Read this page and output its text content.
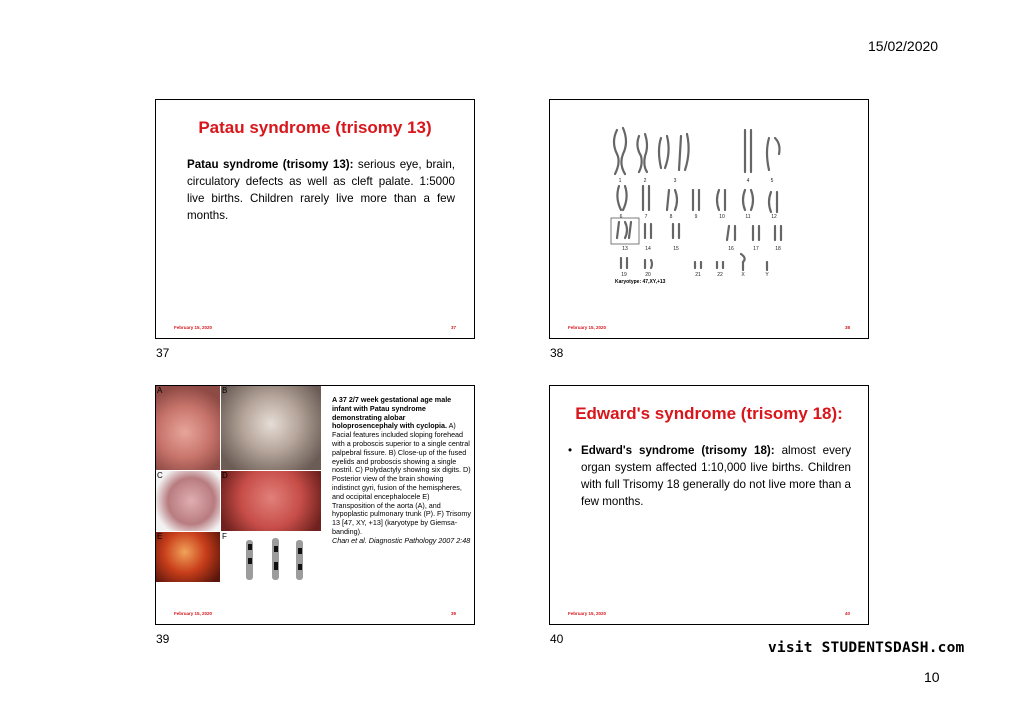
15/02/2020
Patau syndrome (trisomy 13)
Patau syndrome (trisomy 13): serious eye, brain, circulatory defects as well as cleft palate. 1:5000 live births. Children rarely live more than a few months.
February 15, 2020	37
37
1	2	3	4	5
6	7	8	9	10	11	12
13	14	15	16	17	18
19	20	21	22	X	Y
Karyotype: 47,XY,+13
February 15, 2020	38
38
A	B
C	D
E	F
A 37 2/7 week gestational age male infant with Patau syndrome demonstrating alobar holoprosencephaly with cyclopia. A) Facial features included sloping forehead with a proboscis superior to a single central palpebral fissure. B) Close-up of the fused eyelids and proboscis showing a single nostril. C) Polydactyly showing six digits. D) Posterior view of the brain showing indistinct gyri, fusion of the hemispheres, and occipital encephalocele E) Transposition of the aorta (A), and hypoplastic pulmonary trunk (P). F) Trisomy 13 [47, XY, +13] (karyotype by Giemsa-banding).
Chan et al. Diagnostic Pathology 2007 2:48
February 15, 2020	39
39
Edward's syndrome (trisomy 18):
• Edward's syndrome (trisomy 18): almost every organ system affected 1:10,000 live births. Children with full Trisomy 18 generally do not live more than a few months.
February 15, 2020	40
40
visit STUDENTSDASH.com
10
